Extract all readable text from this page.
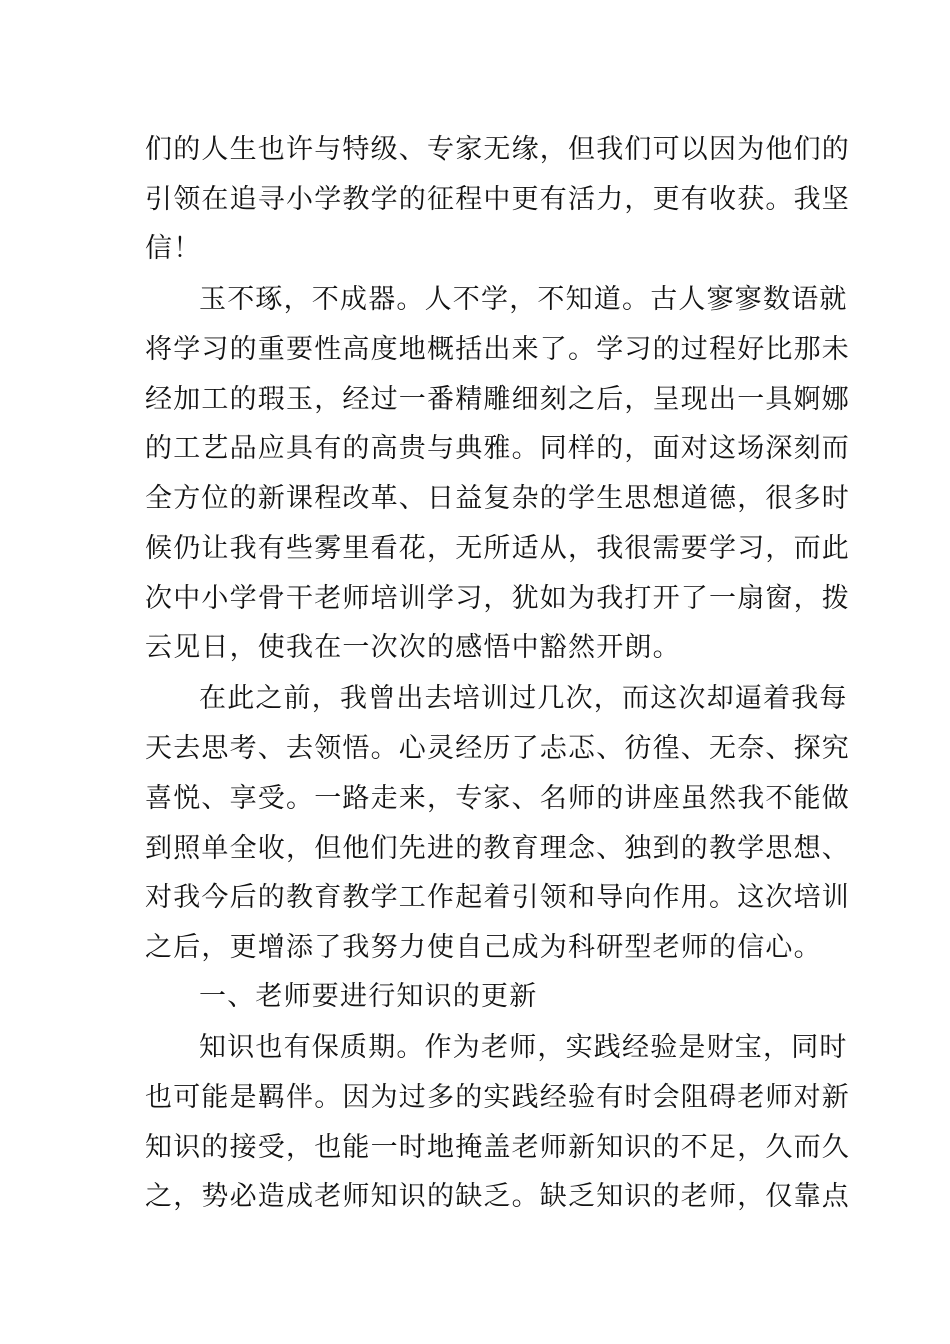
们的人生也许与特级、专家无缘，但我们可以因为他们的
引领在追寻小学教学的征程中更有活力，更有收获。我坚
信！
玉不琢，不成器。人不学，不知道。古人寥寥数语就
将学习的重要性高度地概括出来了。学习的过程好比那未
经加工的瑕玉，经过一番精雕细刻之后，呈现出一具婀娜
的工艺品应具有的高贵与典雅。同样的，面对这场深刻而
全方位的新课程改革、日益复杂的学生思想道德，很多时
候仍让我有些雾里看花，无所适从，我很需要学习，而此
次中小学骨干老师培训学习，犹如为我打开了一扇窗，拨
云见日，使我在一次次的感悟中豁然开朗。
在此之前，我曾出去培训过几次，而这次却逼着我每
天去思考、去领悟。心灵经历了忐忑、彷徨、无奈、探究
喜悦、享受。一路走来，专家、名师的讲座虽然我不能做
到照单全收，但他们先进的教育理念、独到的教学思想、
对我今后的教育教学工作起着引领和导向作用。这次培训
之后，更增添了我努力使自己成为科研型老师的信心。
一、老师要进行知识的更新
知识也有保质期。作为老师，实践经验是财宝，同时
也可能是羁伴。因为过多的实践经验有时会阻碍老师对新
知识的接受，也能一时地掩盖老师新知识的不足，久而久
之，势必造成老师知识的缺乏。缺乏知识的老师，仅靠点
